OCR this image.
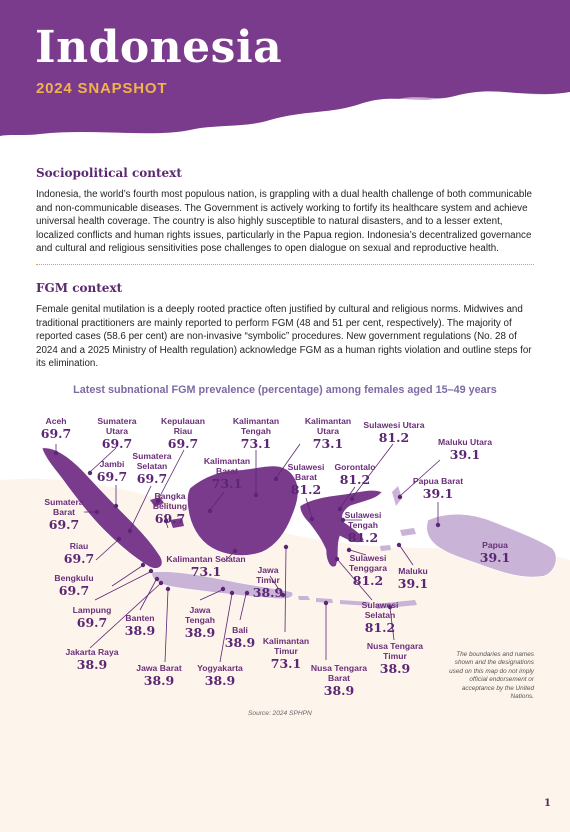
Indonesia
2024 SNAPSHOT
Sociopolitical context
Indonesia, the world’s fourth most populous nation, is grappling with a dual health challenge of both communicable and non-communicable diseases. The Government is actively working to fortify its healthcare system and achieve universal health coverage. The country is also highly susceptible to natural disasters, and to a lesser extent, localized conflicts and human rights issues, particularly in the Papua region. Indonesia’s decentralized governance and cultural and religious sensitivities pose challenges to open dialogue on sexual and reproductive health.
FGM context
Female genital mutilation is a deeply rooted practice often justified by cultural and religious norms. Midwives and traditional practitioners are mainly reported to perform FGM (48 and 51 per cent, respectively). The majority of reported cases (58.6 per cent) are non-invasive “symbolic” procedures. New government regulations (No. 28 of 2024 and a 2025 Ministry of Health regulation) acknowledge FGM as a human rights violation and outline steps for its elimination.
Latest subnational FGM prevalence (percentage) among females aged 15–49 years
Aceh
69.7
Sumatera Utara
69.7
Kepulauan Riau
69.7
Kalimantan Tengah
73.1
Kalimantan Utara
73.1
Sulawesi Utara
81.2	Maluku Utara
39.1
Jambi
69.7
Sumatera Selatan
69.7
Kalimantan Barat
73.1
Sulawesi Barat
81.2
Gorontalo
81.2	Papua Barat
39.1
Sumatera Barat
69.7
Bangka Belitung
69.7	Sulawesi Tengah
81.2
Riau
69.7	Kalimantan Selatan
73.1
Sulawesi Tenggara
81.2
Maluku
39.1
Papua
39.1
Bengkulu
69.7
Jawa Timur
38.9
Lampung
69.7	Banten
38.9
Jawa Tengah
38.9
Sulawesi Selatan
81.2
Bali
38.9 Kalimantan Timur
73.1
Nusa Tengara Timur
38.9
Jakarta Raya
38.9	Jawa Barat
38.9
Yogyakarta
38.9
Nusa Tengara Barat
38.9
The boundaries and names shown and the designations used on this map do not imply official endorsement or acceptance by the United Nations.
Source: 2024 SPHPN
1
